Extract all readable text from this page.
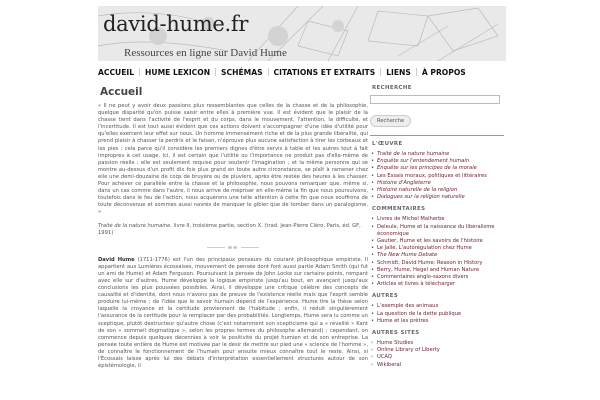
david-hume.fr
Ressources en ligne sur David Hume
ACCUEIL	HUME LEXICON	SCHÉMAS	CITATIONS ET EXTRAITS	LIENS	À PROPOS
Accueil

« Il ne peut y avoir deux passions plus ressemblantes que celles de la chasse et de la philosophie, quelque disparité qu'on puisse saisir entre elles à première vue. Il est évident que le plaisir de la chasse tient dans l'activité de l'esprit et du corps, dans le mouvement, l'attention, la difficulté, et l'incertitude. Il est tout aussi évident que ces actions doivent s'accompagner d'une idée d'utilité pour qu'elles exercent leur effet sur nous. Un homme immensément riche et de la plus grande libéralité, qui prend plaisir à chasser la perdrix et le faisan, n'éprouve plus aucune satisfaction à tirer les corbeaux et les pies ; cela parce qu'il considère les premiers dignes d'être servis à table et les autres tout à fait impropres à cet usage. Ici, il est certain que l'utilité ou l'importance ne produit pas d'elle-même de passion réelle ; elle est seulement requise pour soutenir l'imagination ; et la même personne qui se montre au-dessus d'un profit dix fois plus grand en toute autre circonstance, se plaît à ramener chez elle une demi-douzaine de coqs de bruyère ou de pluviers, après être restée des heures à les chasser. Pour achever ce parallèle entre la chasse et la philosophie, nous pouvons remarquer que, même si, dans un cas comme dans l'autre, il nous arrive de mépriser en elle-même la fin que nous poursuivons, toutefois dans le feu de l'action, nous acquérons une telle attention à cette fin que nous souffrons de toute déconvenue et sommes aussi navrés de manquer le gibier que de tomber dans un paralogisme. »

Traité de la nature humaine, livre II, troisième partie, section X. (trad. Jean-Pierre Cléro, Paris, éd. GF, 1991)

∞∞

David Hume (1711-1776) est l'un des principaux penseurs du courant philosophique empiriste. Il appartient aux Lumières écossaises, mouvement de pensée dont font aussi partie Adam Smith (qui fut un ami de Hume) et Adam Ferguson. Poursuivant la pensée de John Locke sur certains points, rompant avec elle sur d'autres, Hume développe la logique empiriste jusqu'au bout, en avançant jusqu'aux conclusions les plus poussées possibles. Ainsi, il développe une critique célèbre des concepts de causalité et d'identité, dont nous n'avons pas de preuve de l'existence réelle mais que l'esprit semble produire lui-même ; de l'idée que le savoir humain dépend de l'expérience. Hume tire la thèse selon laquelle la croyance et la certitude proviennent de l'habitude ; enfin, il réduit singulièrement l'assurance de la certitude pour la remplacer par des probabilités. Longtemps, Hume sera lu comme un sceptique, plutôt destructeur qu'autre chose (c'est notamment son scepticisme qui a « réveillé » Kant de son « sommeil dogmatique », selon les propres termes du philosophe allemand) ; cependant, on commence depuis quelques décennies à voir la positivité du projet humien et de son entreprise. La pensée toute entière de Hume est motivée par le désir de mettre sur pied une « science de l'homme », de connaître le fonctionnement de l'humain pour ensuite mieux connaître tout le reste. Ainsi, si l'Écossais laisse après lui des débats d'interprétation essentiellement structurés autour de son épistémologie, il

RECHERCHE
Recherche
L'ŒUVRE
• Traité de la nature humaine
• Enquête sur l'entendement humain
• Enquête sur les principes de la morale
• Les Essais moraux, politiques et littéraires
• Histoire d'Angleterre
• Histoire naturelle de la religion
• Dialogues sur la religion naturelle
COMMENTAIRES
• Livres de Michel Malherbe
• Deleule, Hume et la naissance du libéralisme économique
• Gautier, Hume et les savoirs de l'histoire
• Le Jallé, L'autorégulation chez Hume
• The New Hume Debate
• Schmidt, David Hume: Reason in History
• Berry, Hume, Hegel and Human Nature
• Commentaires anglo-saxons divers
• Articles et livres à télécharger
AUTRES
• L'exemple des animaux
• La question de la dette publique
• Hume et les prêtres
AUTRES SITES
› Hume Studies
› Online Library of Liberty
› UCAQ
› Wikiberal
